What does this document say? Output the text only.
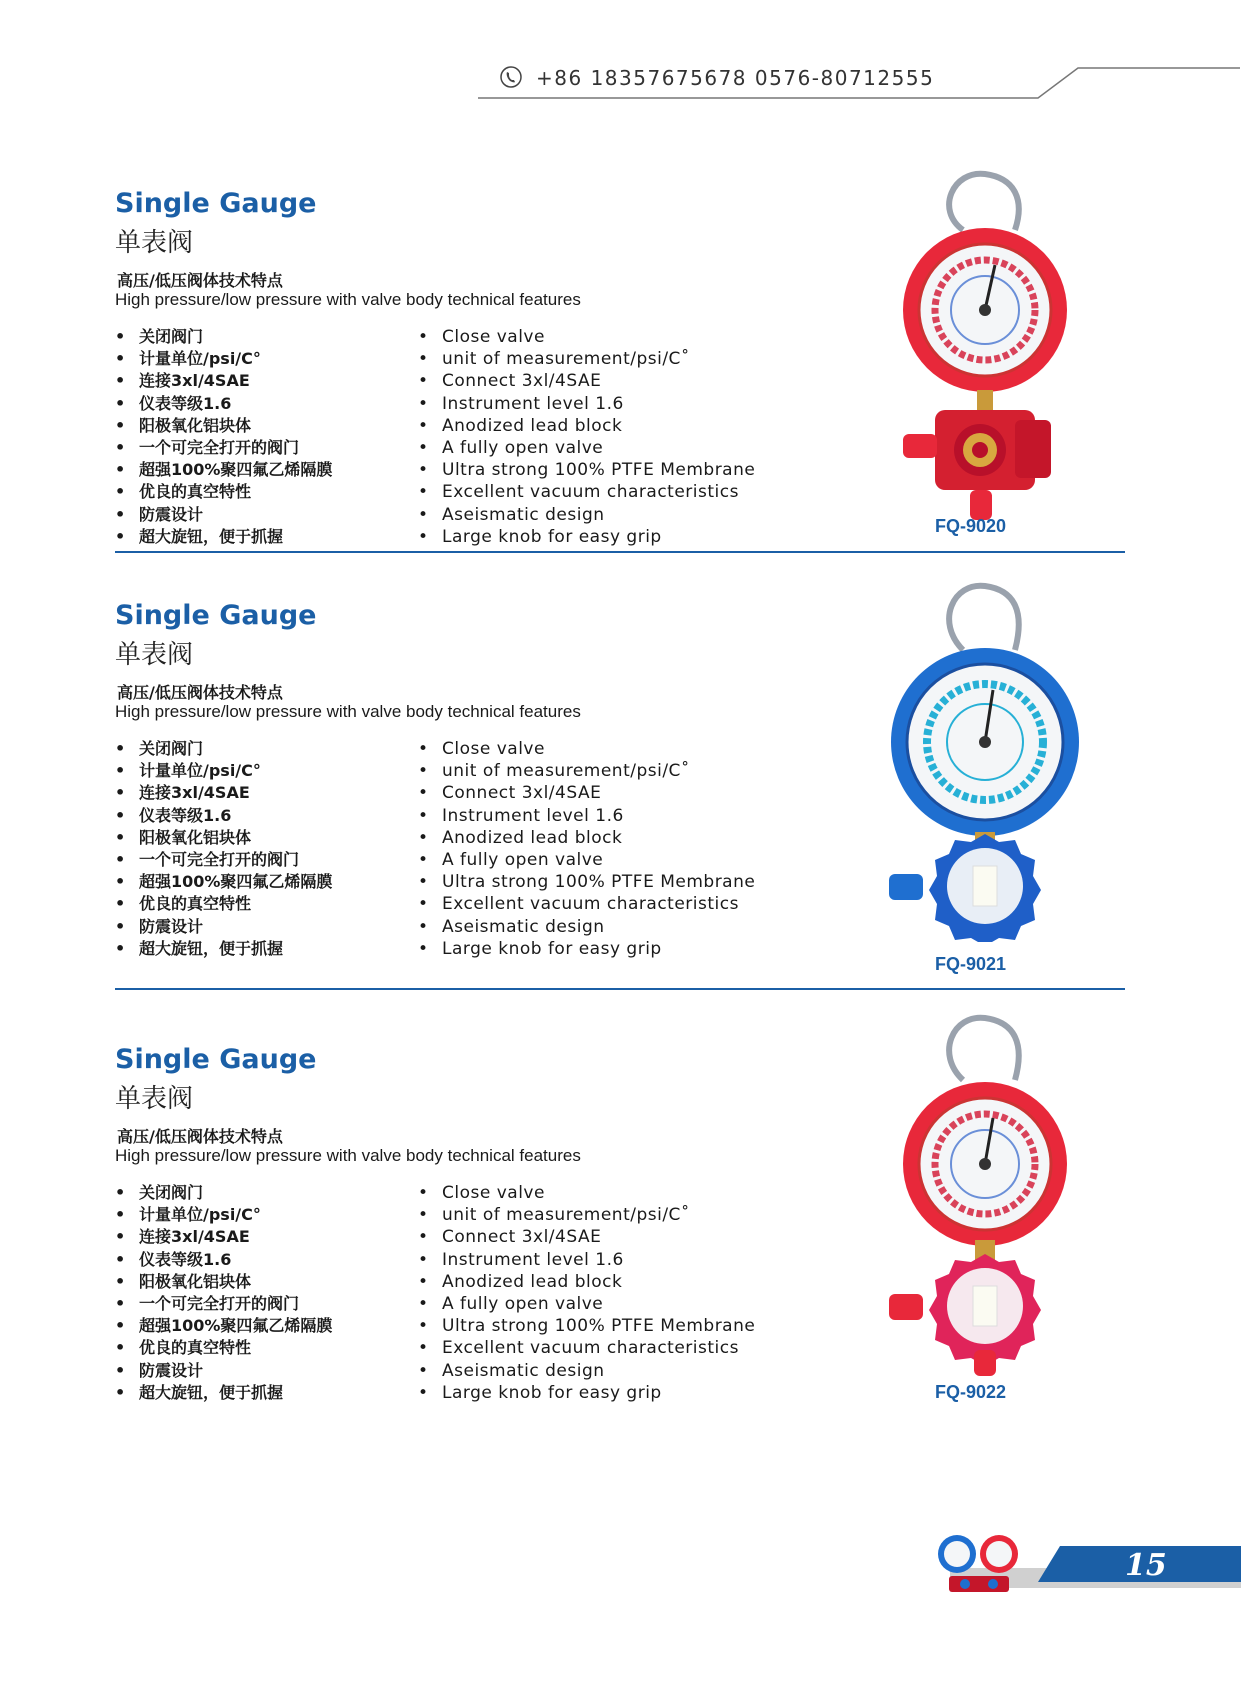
+86 18357675678 0576-80712555
Single Gauge
单表阀
高压/低压阀体技术特点
High pressure/low pressure with valve body technical features
• 关闭阀门
• 计量单位/psi/C°
• 连接3xl/4SAE
• 仪表等级1.6
• 阳极氧化铝块体
• 一个可完全打开的阀门
• 超强100%聚四氟乙烯隔膜
• 优良的真空特性
• 防震设计
• 超大旋钮，便于抓握
• Close valve
• unit of measurement/psi/C˚
• Connect 3xl/4SAE
• Instrument level 1.6
• Anodized lead block
• A fully open valve
• Ultra strong 100% PTFE Membrane
• Excellent vacuum characteristics
• Aseismatic design
• Large knob for easy grip
FQ-9020
Single Gauge
单表阀
高压/低压阀体技术特点
High pressure/low pressure with valve body technical features
• 关闭阀门
• 计量单位/psi/C°
• 连接3xl/4SAE
• 仪表等级1.6
• 阳极氧化铝块体
• 一个可完全打开的阀门
• 超强100%聚四氟乙烯隔膜
• 优良的真空特性
• 防震设计
• 超大旋钮，便于抓握
• Close valve
• unit of measurement/psi/C˚
• Connect 3xl/4SAE
• Instrument level 1.6
• Anodized lead block
• A fully open valve
• Ultra strong 100% PTFE Membrane
• Excellent vacuum characteristics
• Aseismatic design
• Large knob for easy grip
FQ-9021
Single Gauge
单表阀
高压/低压阀体技术特点
High pressure/low pressure with valve body technical features
• 关闭阀门
• 计量单位/psi/C°
• 连接3xl/4SAE
• 仪表等级1.6
• 阳极氧化铝块体
• 一个可完全打开的阀门
• 超强100%聚四氟乙烯隔膜
• 优良的真空特性
• 防震设计
• 超大旋钮，便于抓握
• Close valve
• unit of measurement/psi/C˚
• Connect 3xl/4SAE
• Instrument level 1.6
• Anodized lead block
• A fully open valve
• Ultra strong 100% PTFE Membrane
• Excellent vacuum characteristics
• Aseismatic design
• Large knob for easy grip	FQ-9022
15
